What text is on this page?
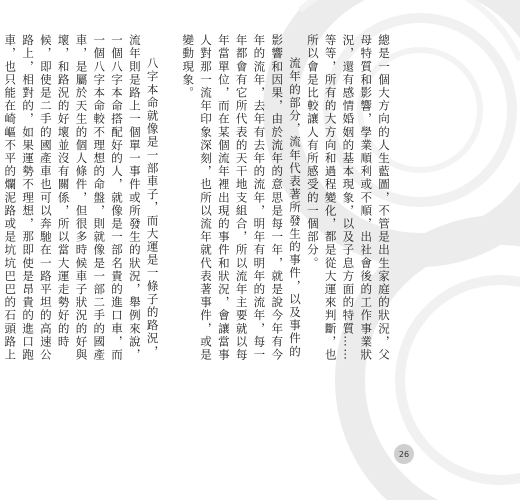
總是一個大方向的人生藍圖，不管是出生家庭的狀況，父母特質和影響，學業順利或不順，出社會後的工作事業狀況，還有感情婚姻的基本現象，以及子息方面的特質……等等，所有的大方向和過程變化，都是從大運來判斷，也所以會是比較讓人有所感受的一個部分。

流年的部分，流年代表著所發生的事件，以及事件的影響和因果，由於流年的意思是每一年，就是說今年有今年的流年，去年有去年的流年，明年有明年的流年，每一年都會有它所代表的天干地支組合，所以流年主要就以每年當單位，而在某個流年裡出現的事件和狀況，會讓當事人對那一流年印象深刻，也所以流年就代表著事件，或是變動現象。

八字本命就像是一部車子，而大運是一條子的路況，流年則是路上一個單一事件或所發生的狀況，舉例來說，一個八字本命搭配好的人，就像是一部名貴的進口車，而一個八字本命較不理想的命盤，則就像是一部二手的國產車，是屬於天生的個人條件，但很多時候車子狀況的好與壞，和路況的好壞並沒有關係，所以當大運走勢好的時候，即使是二手的國產車也可以奔馳在一路平坦的高速公路上，相對的，如果運勢不理想，那即使是昂貴的進口跑車，也只能在崎嶇不平的爛泥路或是坑坑巴巴的石頭路上

26
